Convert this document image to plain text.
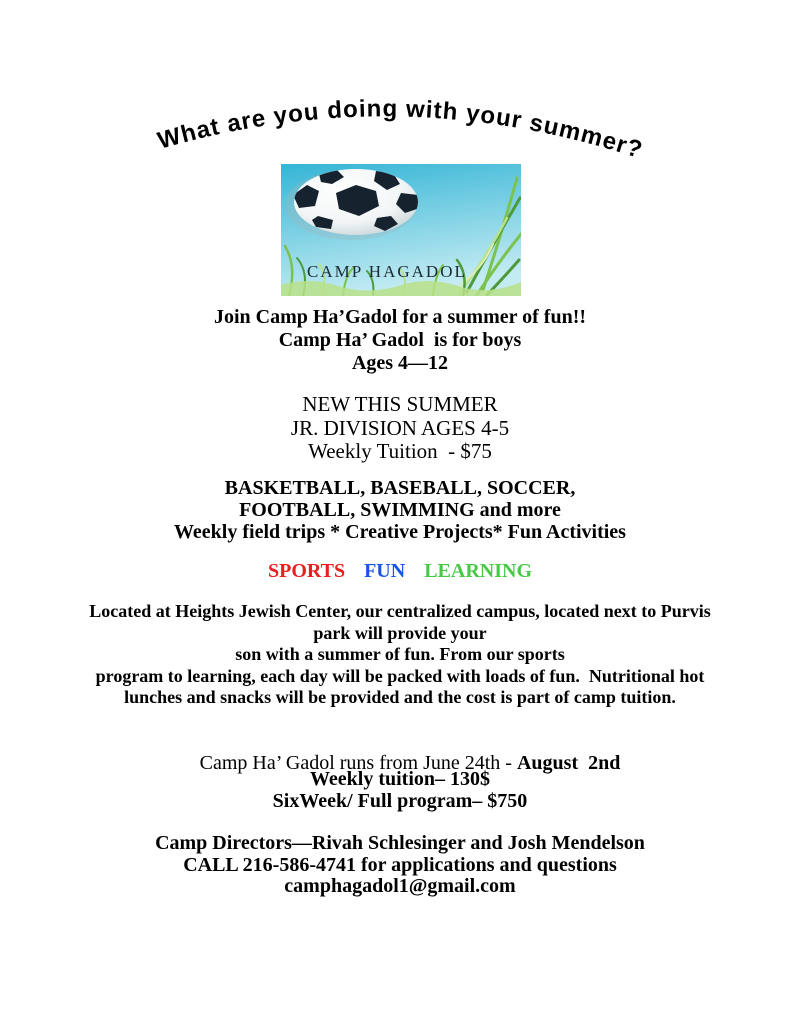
What are you doing with your summer?
CAMP HAGADOL
Join Camp Ha’Gadol for a summer of fun!!
Camp Ha’ Gadol  is for boys
Ages 4—12
NEW THIS SUMMER
JR. DIVISION AGES 4-5
Weekly Tuition  - $75
BASKETBALL, BASEBALL, SOCCER,
FOOTBALL, SWIMMING and more
Weekly field trips * Creative Projects* Fun Activities
SPORTS FUN LEARNING
Located at Heights Jewish Center, our centralized campus, located next to Purvis
park will provide your
son with a summer of fun. From our sports
program to learning, each day will be packed with loads of fun.  Nutritional hot
lunches and snacks will be provided and the cost is part of camp tuition.

Camp Ha’ Gadol runs from June 24th - August  2nd

Weekly tuition– 130$
SixWeek/ Full program– $750
Camp Directors—Rivah Schlesinger and Josh Mendelson
CALL 216-586-4741 for applications and questions
camphagadol1@gmail.com
